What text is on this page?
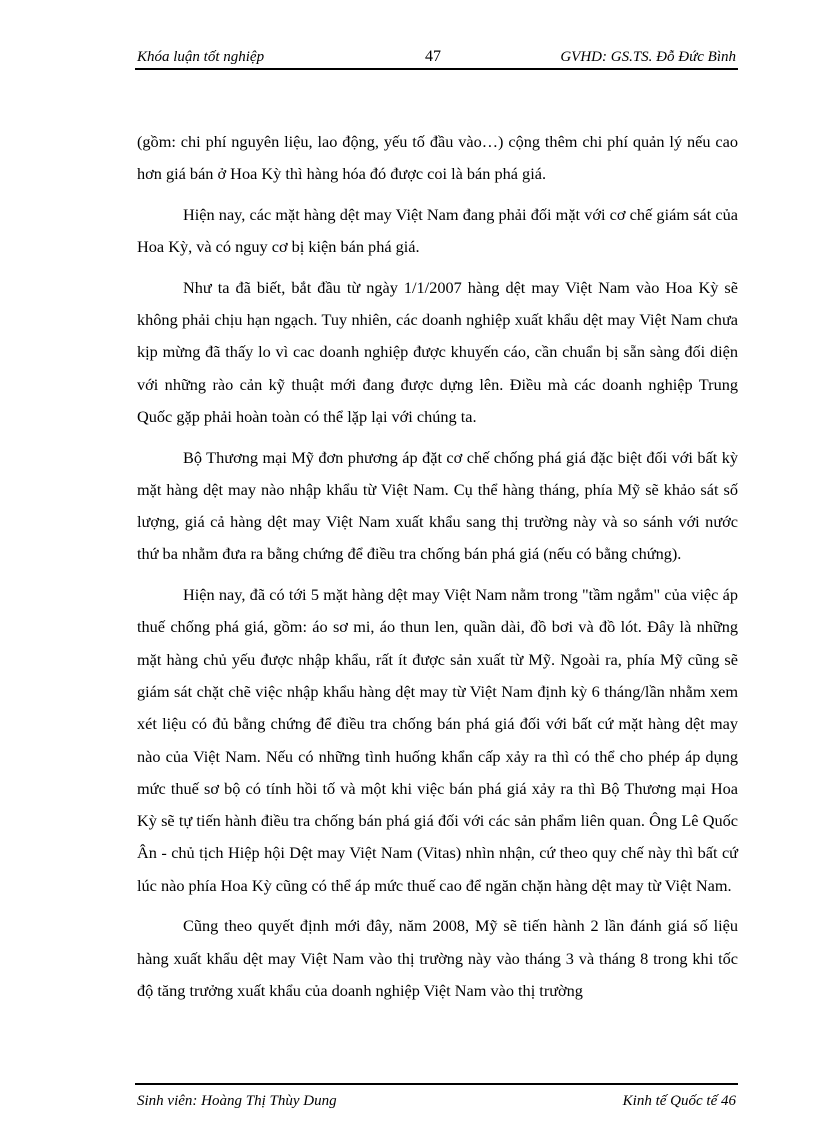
Khóa luận tốt nghiệp	47	GVHD: GS.TS. Đỗ Đức Bình

(gồm: chi phí nguyên liệu, lao động, yếu tố đầu vào…) cộng thêm chi phí quản lý nếu cao hơn giá bán ở Hoa Kỳ thì hàng hóa đó được coi là bán phá giá.

Hiện nay, các mặt hàng dệt may Việt Nam đang phải đối mặt với cơ chế giám sát của Hoa Kỳ, và có nguy cơ bị kiện bán phá giá.

Như ta đã biết, bắt đầu từ ngày 1/1/2007 hàng dệt may Việt Nam vào Hoa Kỳ sẽ không phải chịu hạn ngạch. Tuy nhiên, các doanh nghiệp xuất khẩu dệt may Việt Nam chưa kịp mừng đã thấy lo vì cac doanh nghiệp được khuyến cáo, cần chuẩn bị sẵn sàng đối diện với những rào cản kỹ thuật mới đang được dựng lên. Điều mà các doanh nghiệp Trung Quốc gặp phải hoàn toàn có thể lặp lại với chúng ta.

Bộ Thương mại Mỹ đơn phương áp đặt cơ chế chống phá giá đặc biệt đối với bất kỳ mặt hàng dệt may nào nhập khẩu từ Việt Nam. Cụ thể hàng tháng, phía Mỹ sẽ khảo sát số lượng, giá cả hàng dệt may Việt Nam xuất khẩu sang thị trường này và so sánh với nước thứ ba nhằm đưa ra bằng chứng để điều tra chống bán phá giá (nếu có bằng chứng).

Hiện nay, đã có tới 5 mặt hàng dệt may Việt Nam nằm trong "tầm ngắm" của việc áp thuế chống phá giá, gồm: áo sơ mi, áo thun len, quần dài, đồ bơi và đồ lót. Đây là những mặt hàng chủ yếu được nhập khẩu, rất ít được sản xuất từ Mỹ. Ngoài ra, phía Mỹ cũng sẽ giám sát chặt chẽ việc nhập khẩu hàng dệt may từ Việt Nam định kỳ 6 tháng/lần nhằm xem xét liệu có đủ bằng chứng để điều tra chống bán phá giá đối với bất cứ mặt hàng dệt may nào của Việt Nam. Nếu có những tình huống khẩn cấp xảy ra thì có thể cho phép áp dụng mức thuế sơ bộ có tính hồi tố và một khi việc bán phá giá xảy ra thì Bộ Thương mại Hoa Kỳ sẽ tự tiến hành điều tra chống bán phá giá đối với các sản phẩm liên quan. Ông Lê Quốc Ân - chủ tịch Hiệp hội Dệt may Việt Nam (Vitas) nhìn nhận, cứ theo quy chế này thì bất cứ lúc nào phía Hoa Kỳ cũng có thể áp mức thuế cao để ngăn chặn hàng dệt may từ Việt Nam.

Cũng theo quyết định mới đây, năm 2008, Mỹ sẽ tiến hành 2 lần đánh giá số liệu hàng xuất khẩu dệt may Việt Nam vào thị trường này vào tháng 3 và tháng 8 trong khi tốc độ tăng trưởng xuất khẩu của doanh nghiệp Việt Nam vào thị trường

Sinh viên: Hoàng Thị Thùy Dung	Kinh tế Quốc tế 46
